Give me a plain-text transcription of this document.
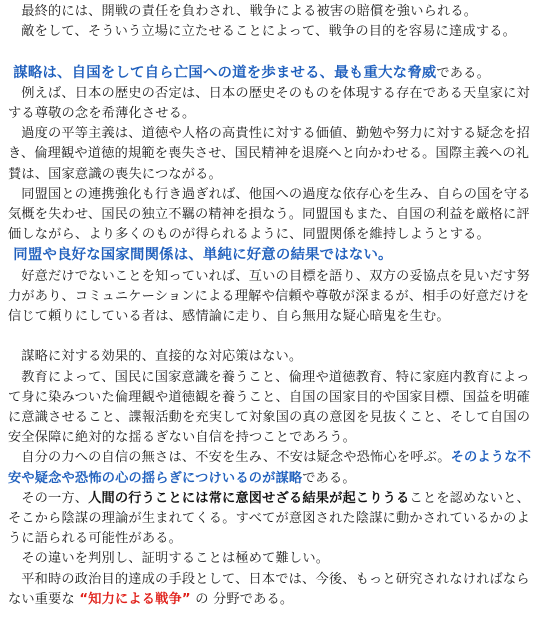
最終的には、開戦の責任を負わされ、戦争による被害の賠償を強いられる。

敵をして、そういう立場に立たせることによって、戦争の目的を容易に達成する。

謀略は、自国をして自ら亡国への道を歩ませる、最も重大な脅威である。

例えば、日本の歴史の否定は、日本の歴史そのものを体現する存在である天皇家に対する尊敬の念を希薄化させる。

過度の平等主義は、道徳や人格の高貴性に対する価値、勤勉や努力に対する疑念を招き、倫理観や道徳的規範を喪失させ、国民精神を退廃へと向かわせる。国際主義への礼賛は、国家意識の喪失につながる。

同盟国との連携強化も行き過ぎれば、他国への過度な依存心を生み、自らの国を守る気概を失わせ、国民の独立不羈の精神を損なう。同盟国もまた、自国の利益を厳格に評価しながら、より多くのものが得られるように、同盟関係を維持しようとする。

同盟や良好な国家間関係は、単純に好意の結果ではない。

好意だけでないことを知っていれば、互いの目標を語り、双方の妥協点を見いだす努力があり、コミュニケーションによる理解や信頼や尊敬が深まるが、相手の好意だけを信じて頼りにしている者は、感情論に走り、自ら無用な疑心暗鬼を生む。

謀略に対する効果的、直接的な対応策はない。

教育によって、国民に国家意識を養うこと、倫理や道徳教育、特に家庭内教育によって身に染みついた倫理観や道徳観を養うこと、自国の国家目的や国家目標、国益を明確に意識させること、諜報活動を充実して対象国の真の意図を見抜くこと、そして自国の安全保障に絶対的な揺るぎない自信を持つことであろう。

自分の力への自信の無さは、不安を生み、不安は疑念や恐怖心を呼ぶ。そのような不安や疑念や恐怖の心の揺らぎにつけいるのが謀略である。

その一方、人間の行うことには常に意図せざる結果が起こりうることを認めないと、そこから陰謀の理論が生まれてくる。すべてが意図された陰謀に動かされているかのように語られる可能性がある。

その違いを判別し、証明することは極めて難しい。

平和時の政治目的達成の手段として、日本では、今後、もっと研究されなければならない重要な “知力による戦争” の 分野である。
